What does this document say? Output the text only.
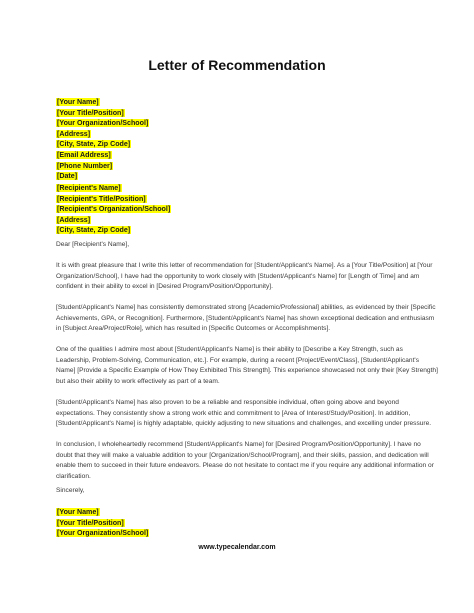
Letter of Recommendation
[Your Name]
[Your Title/Position]
[Your Organization/School]
[Address]
[City, State, Zip Code]
[Email Address]
[Phone Number]
[Date]
[Recipient's Name]
[Recipient's Title/Position]
[Recipient's Organization/School]
[Address]
[City, State, Zip Code]

Dear [Recipient's Name],

It is with great pleasure that I write this letter of recommendation for [Student/Applicant's Name]. As a [Your Title/Position] at [Your Organization/School], I have had the opportunity to work closely with [Student/Applicant's Name] for [Length of Time] and am confident in their ability to excel in [Desired Program/Position/Opportunity].

[Student/Applicant's Name] has consistently demonstrated strong [Academic/Professional] abilities, as evidenced by their [Specific Achievements, GPA, or Recognition]. Furthermore, [Student/Applicant's Name] has shown exceptional dedication and enthusiasm in [Subject Area/Project/Role], which has resulted in [Specific Outcomes or Accomplishments].

One of the qualities I admire most about [Student/Applicant's Name] is their ability to [Describe a Key Strength, such as Leadership, Problem-Solving, Communication, etc.]. For example, during a recent [Project/Event/Class], [Student/Applicant's Name] [Provide a Specific Example of How They Exhibited This Strength]. This experience showcased not only their [Key Strength] but also their ability to work effectively as part of a team.

[Student/Applicant's Name] has also proven to be a reliable and responsible individual, often going above and beyond expectations. They consistently show a strong work ethic and commitment to [Area of Interest/Study/Position]. In addition, [Student/Applicant's Name] is highly adaptable, quickly adjusting to new situations and challenges, and excelling under pressure.

In conclusion, I wholeheartedly recommend [Student/Applicant's Name] for [Desired Program/Position/Opportunity]. I have no doubt that they will make a valuable addition to your [Organization/School/Program], and their skills, passion, and dedication will enable them to succeed in their future endeavors. Please do not hesitate to contact me if you require any additional information or clarification.

Sincerely,

[Your Name]
[Your Title/Position]
[Your Organization/School]
www.typecalendar.com
